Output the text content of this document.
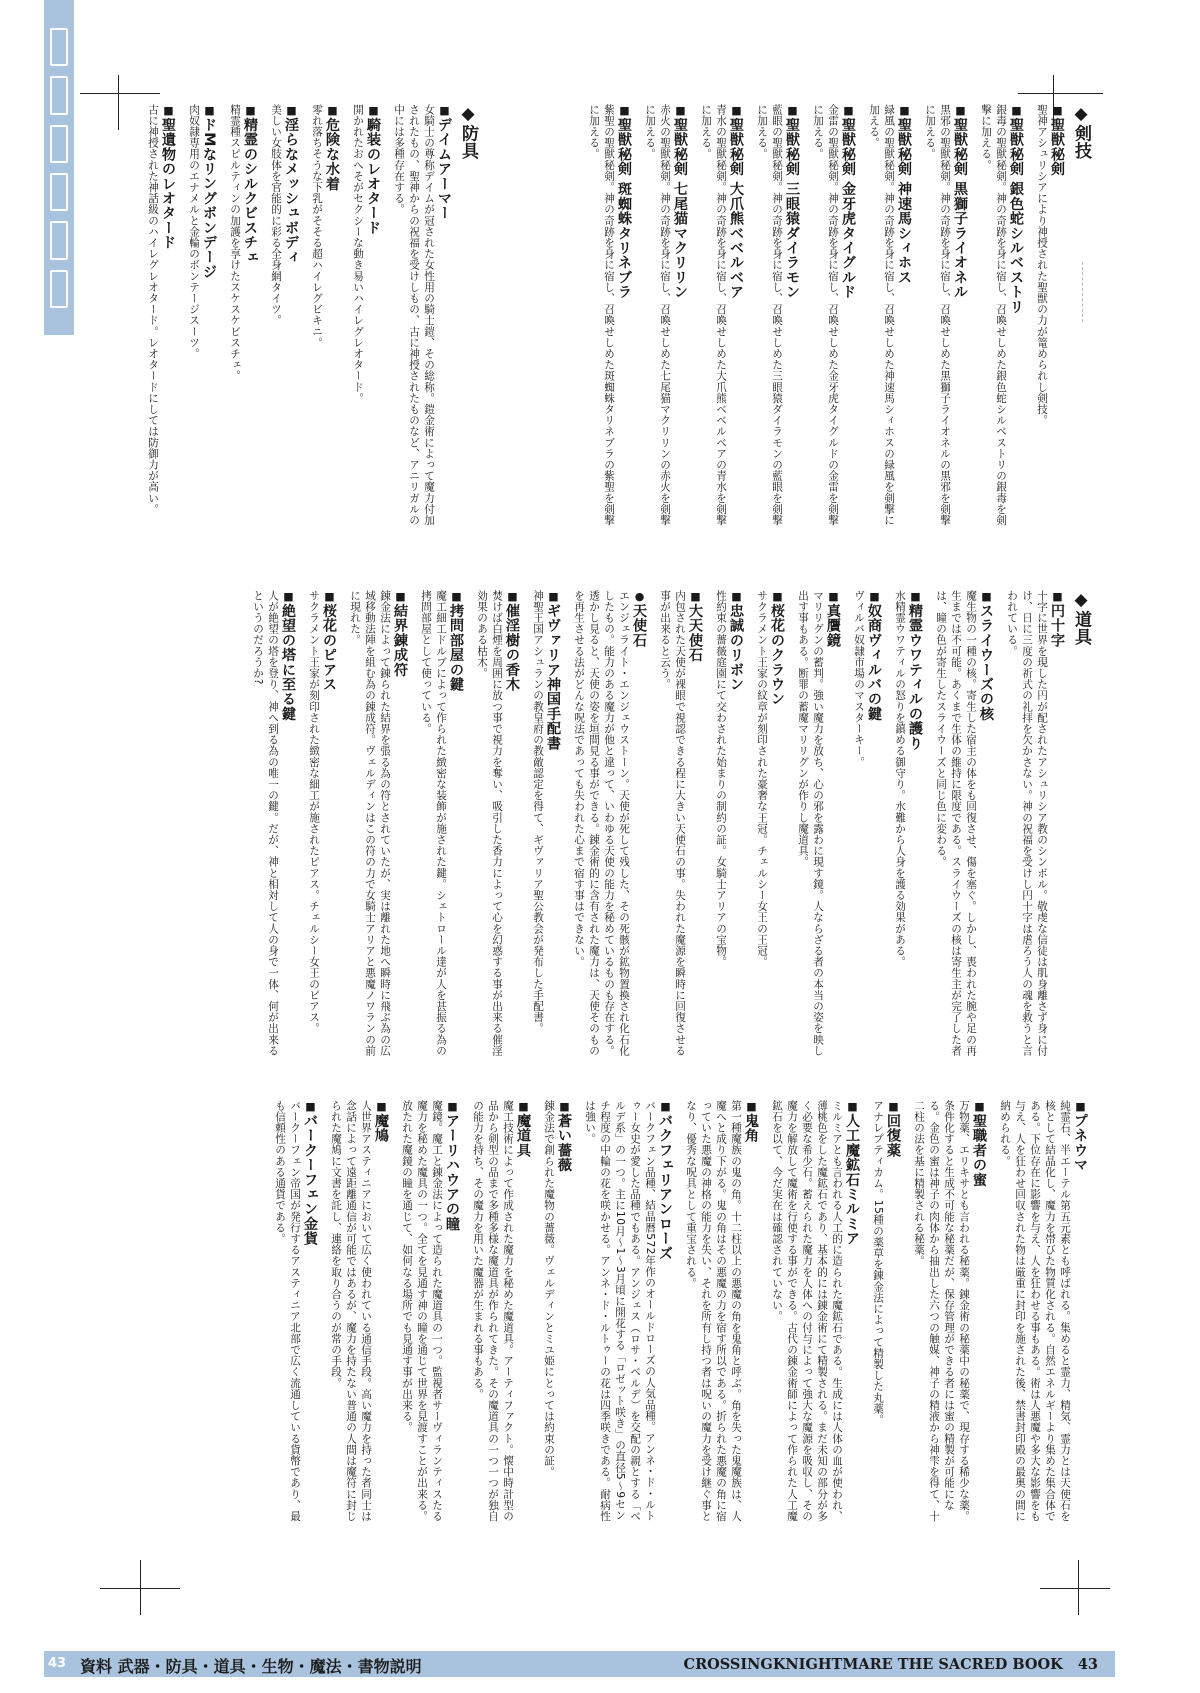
◆剣技
■聖獣秘剣
聖神アシュリシアにより神授された聖獣の力が篭められし剣技。
■聖獣秘剣 銀色蛇シルベストリ
銀毒の聖獣秘剣。神の奇跡を身に宿し、召喚せしめた銀色蛇シルベストリの銀毒を剣撃に加える。
■聖獣秘剣 黒獅子ライオネル
黒邪の聖獣秘剣。神の奇跡を身に宿し、召喚せしめた黒獅子ライオネルの黒邪を剣撃に加える。
■聖獣秘剣 神速馬シィホス
緑風の聖獣秘剣。神の奇跡を身に宿し、召喚せしめた神速馬シィホスの緑風を剣撃に加える。
■聖獣秘剣 金牙虎タイグルド
金雷の聖獣秘剣。神の奇跡を身に宿し、召喚せしめた金牙虎タイグルドの金雷を剣撃に加える。
■聖獣秘剣 三眼猿ダイラモン
藍眼の聖獣秘剣。神の奇跡を身に宿し、召喚せしめた三眼猿ダイラモンの藍眼を剣撃に加える。
■聖獣秘剣 大爪熊ベベルベア
青水の聖獣秘剣。神の奇跡を身に宿し、召喚せしめた大爪熊ベベルベアの青水を剣撃に加える。
■聖獣秘剣 七尾猫マクリリン
赤火の聖獣秘剣。神の奇跡を身に宿し、召喚せしめた七尾猫マクリリンの赤火を剣撃に加える。
■聖獣秘剣 斑蜘蛛タリネブラ
紫聖の聖獣秘剣。神の奇跡を身に宿し、召喚せしめた斑蜘蛛タリネブラの紫聖を剣撃に加える。
◆防具
■デイムアーマー
女騎士の尊称デイムが冠された女性用の騎士鎧、その総称。鎧金術によって魔力付加されたもの、聖神からの祝福を受けしもの、古に神授されたものなど、アニリガルの中には多種存在する。
■騎装のレオタード
開かれたおへそがセクシーな動き易いハイレグレオタード。
■危険な水着
零れ落ちそうな下乳がそそる超ハイレグビキニ。
■淫らなメッシュボディ
美しい女肢体を官能的に彩る全身網タイツ。
■精霊のシルクビスチェ
精霊種スピルティンの加護を享けたスケスケビスチェ。
■ドMなリングボンデージ
肉奴隷専用のエナメルと金輪のボンテージスーツ。
■聖遺物のレオタード
古に神授された神話級のハイレグレオタード。レオタードにしては防御力が高い。
◆道具
■円十字
十字に世界を現した円が配されたアシュリシア教のシンボル。敬虔な信徒は肌身離さず身に付け、日に三度の祈式の礼拝を欠かさない。神の祝福を受けし円十字は虐ろう人の魂を救うと言われている。
■スライウーズの核
魔生物の一種の核。寄生した宿主の体をも回復させ、傷を塞ぐ。しかし、喪われた腕や足の再生までは不可能。あくまで生体の維持に限度である。スライウーズの核は寄生主が完了した者は、瞳の色が寄生したスライウーズと同じ色に変わる。
■精霊ウワティルの護り
水精霊ウワティルの怒りを鎮める御守り。水難から人身を護る効果がある。
■奴商ヴィルバの鍵
ヴィルバ奴隷市場のマスターキー。
■真贋鏡
マリリグンの蓄判。強い魔力を放ち、心の邪を露わに現す鏡。人ならざる者の本当の姿を映し出す事もある。断罪の蓄魔マリリグンが作りし魔道具。
■桜花のクラウン
サクラメント王家の紋章が刻印された豪奢な王冠。チェルシー女王の王冠。
■忠誠のリボン
性約束の薔薇庭園にて交わされた始まりの制約の証。女騎士アリアの宝物。
■大天使石
内包された天使が裸眼で視認できる程に大きい天使石の事。失われた魔源を瞬時に回復させる事が出来ると云う。
●天使石
エンジェライト・エンジェウストーン。天使が死して残した、その死骸が鉱物置換され化石化したもの。能力のある魔力が他と違って、いわゆる天使の能力を秘めているものも存在する。透かし見ると、天使の姿を垣間見る事ができる。錬金術的に含有された魔力は、天使そのものを再生させる法がどんな呪法であっても失われた心まで宿す事はできない。
■ギヴァリア神国手配書
神聖王国アシュランの教皇府の教敵認定を得て、ギヴァリア聖公教会が発布した手配書。
■催淫樹の香木
焚けば白煙を周囲に放つ事で視力を奪い、吸引した香力によって心を幻惑する事が出来る催淫効果のある枯木。
■拷問部屋の鍵
魔工細工ドルブによって作られた緻密な装飾が施された鍵。シェトロール達が人を甚振る為の拷問部屋として使っている。
■結界錬成符
錬金法によって錬られた結界を張る為の符とされていたが、実は離れた地へ瞬時に飛ぶ為の広域移動法陣を組む為の錬成符。ヴェルディンはこの符の力で女騎士アリアと悪魔ノワランの前に現れた。
■桜花のピアス
サクラメント王家が刻印された緻密な細工が施されたピアス。チェルシー女王のピアス。
■絶望の塔に至る鍵
人が絶望の塔を登り、神へ到る為の唯一の鍵。だが、神と相対して人の身で一体、何が出来るというのだろうか?
■プネウマ
純霊石、半エーテル第五元素とも呼ばれる。集めると霊力、精気、霊力とは天使石を核として結晶化し、魔力を帯びた物質化される。自然エネルギーより集めた集合体である。下位存在に影響を与え、人を狂わせる事もある。術は人悪魔や多大な影響をも与え、人を狂わせ回収された物は厳重に封印を施された後、禁書封印殿の最奥の間に納められる。
■聖職者の蜜
万物薬、エリキサとも言われる秘薬。錬金術の秘薬中の秘薬で、現存する稀少な薬。条件化すると生成不可能な秘薬だが、保存管理ができる者には蜜の精製が可能になる。金色の蜜は神子の肉体から抽出した六つの触媒、神子の精液から神雫を得て、十二柱の法を基に精製される秘薬。
■回復薬
アナレプティカム。15種の薬草を錬金法によって精製した丸薬。
■人工魔鉱石ミルミア
ミルミアとも言われる人工的に造られた魔鉱石である。生成には人体の血が使われ、薄桃色をした魔鉱石であり、基本的には錬金術にて精製される。まだ未知の部分が多く必要な希少石。蓄えられた魔力を人体への付与によって強大な魔源を吸収し、その魔力を解放して魔術を行使する事ができる。古代の錬金術師によって作られた人工魔鉱石を以て、今だ実在は確認されていない。
■鬼角
第一種魔族の鬼の角。十二柱以上の悪魔の角を鬼角と呼ぶ。角を失った鬼魔族は、人魔へと成り下がる。鬼の角はその悪魔の力を宿す所以である。折られた悪魔の角に宿っていた悪魔の神格の能力を失い、それを所有し持つ者は呪いの魔力を受け継ぐ事となり、優秀な呪具として重宝される。
■バクフェリアンローズ
バークフェン品種、結晶暦572年作のオールドローズの人気品種。アンネ・ド・ルトゥー女史が愛した品種でもある。アンジェス（ロサ・ベルデ）を交配の親とする「ベルデ系」の一つ。主に10月～1～3月頃に開花する「ロゼット咲き」の直径5～9センチ程度の中輪の花を咲かせる。アンネ・ド・ルトゥーの花は四季咲きである。耐病性は強い。
■蒼い薔薇
錬金法で創られた魔物の薔薇。ヴェルディンとミユ姫にとっては約束の証。
■魔道具
魔工技術によって作成された魔力を秘めた魔道具。アーティファクト。懐中時計型の品から剣型の品まで多種多様な魔道具が作られてきた。その魔道具の一つ一つが独自の能力を持ち、その魔力を用いた魔器が生まれる事もある。
■アーリハウアの瞳
魔鏡。魔工と錬金法によって造られた魔道具の一つ。監視者サーヴィランティスたる魔力を秘めた魔具の一つ。全てを見通す神の瞳を通じて世界を見渡すことが出来る。放たれた魔鏡の瞳を通じて、如何なる場所でも見通す事が出来る。
■魔鳩
人世界アスティニアにおいて広く使われている通信手段。高い魔力を持った者同士は念話によって遠距離通信が可能ではあるが、魔力を持たない普通の人間は魔符に封じられた魔鳩に文書を託し、連絡を取り合うのが常の手段。
■バークーフェン金貨
バークーフェン帝国が発行するアスティニア北部で広く流通している貨幣であり、最も信頼性のある通貨である。
43 資料 武器・防具・道具・生物・魔法・書物説明	CROSSINGKNIGHTMARE THE SACRED BOOK 43
